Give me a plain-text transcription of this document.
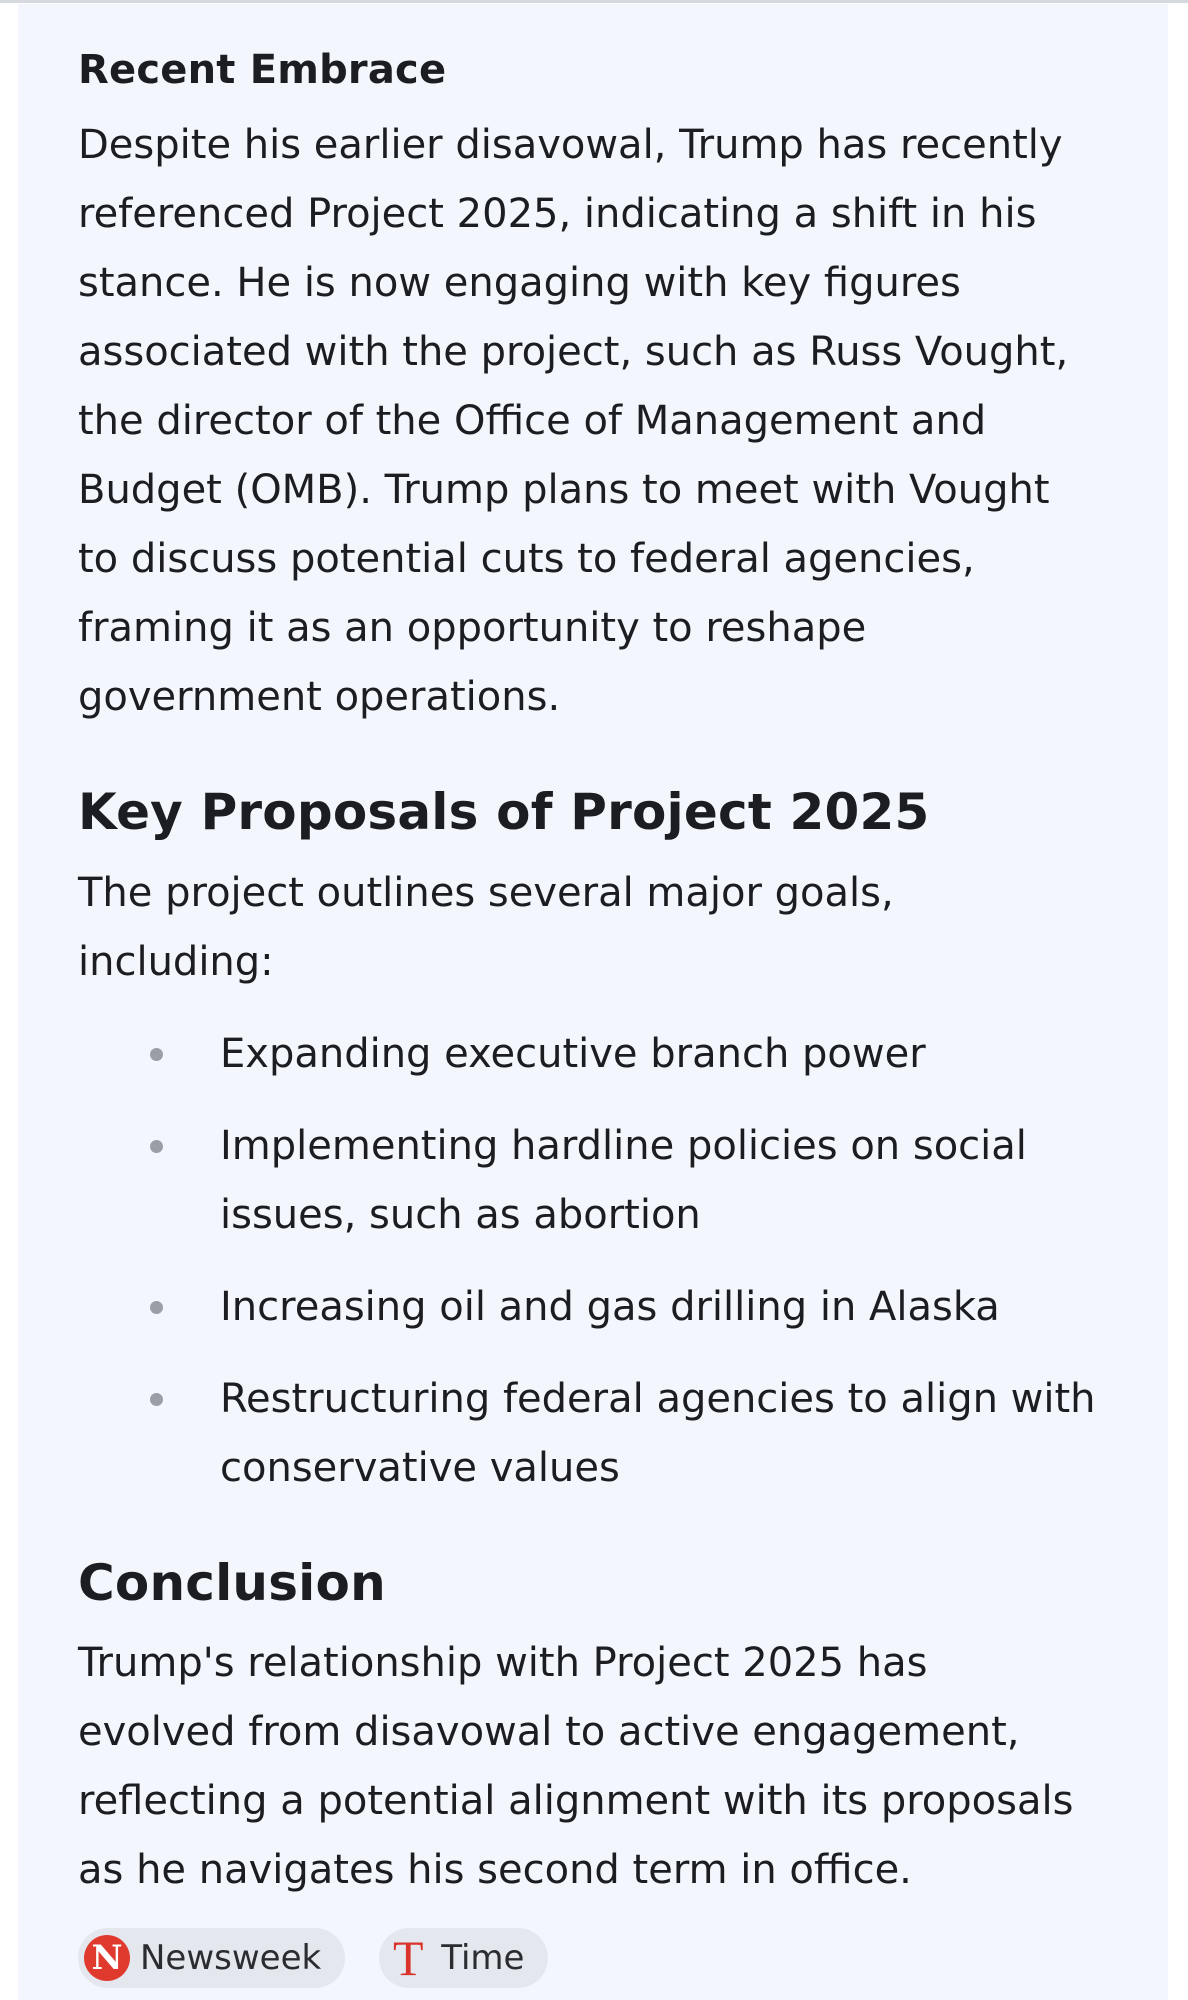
Recent Embrace

Despite his earlier disavowal, Trump has recently
referenced Project 2025, indicating a shift in his
stance. He is now engaging with key figures
associated with the project, such as Russ Vought,
the director of the Office of Management and
Budget (OMB). Trump plans to meet with Vought
to discuss potential cuts to federal agencies,
framing it as an opportunity to reshape
government operations.

Key Proposals of Project 2025

The project outlines several major goals,
including:

Expanding executive branch power
Implementing hardline policies on social
issues, such as abortion
Increasing oil and gas drilling in Alaska
Restructuring federal agencies to align with
conservative values
Conclusion

Trump's relationship with Project 2025 has
evolved from disavowal to active engagement,
reflecting a potential alignment with its proposals
as he navigates his second term in office.

N Newsweek T Time
